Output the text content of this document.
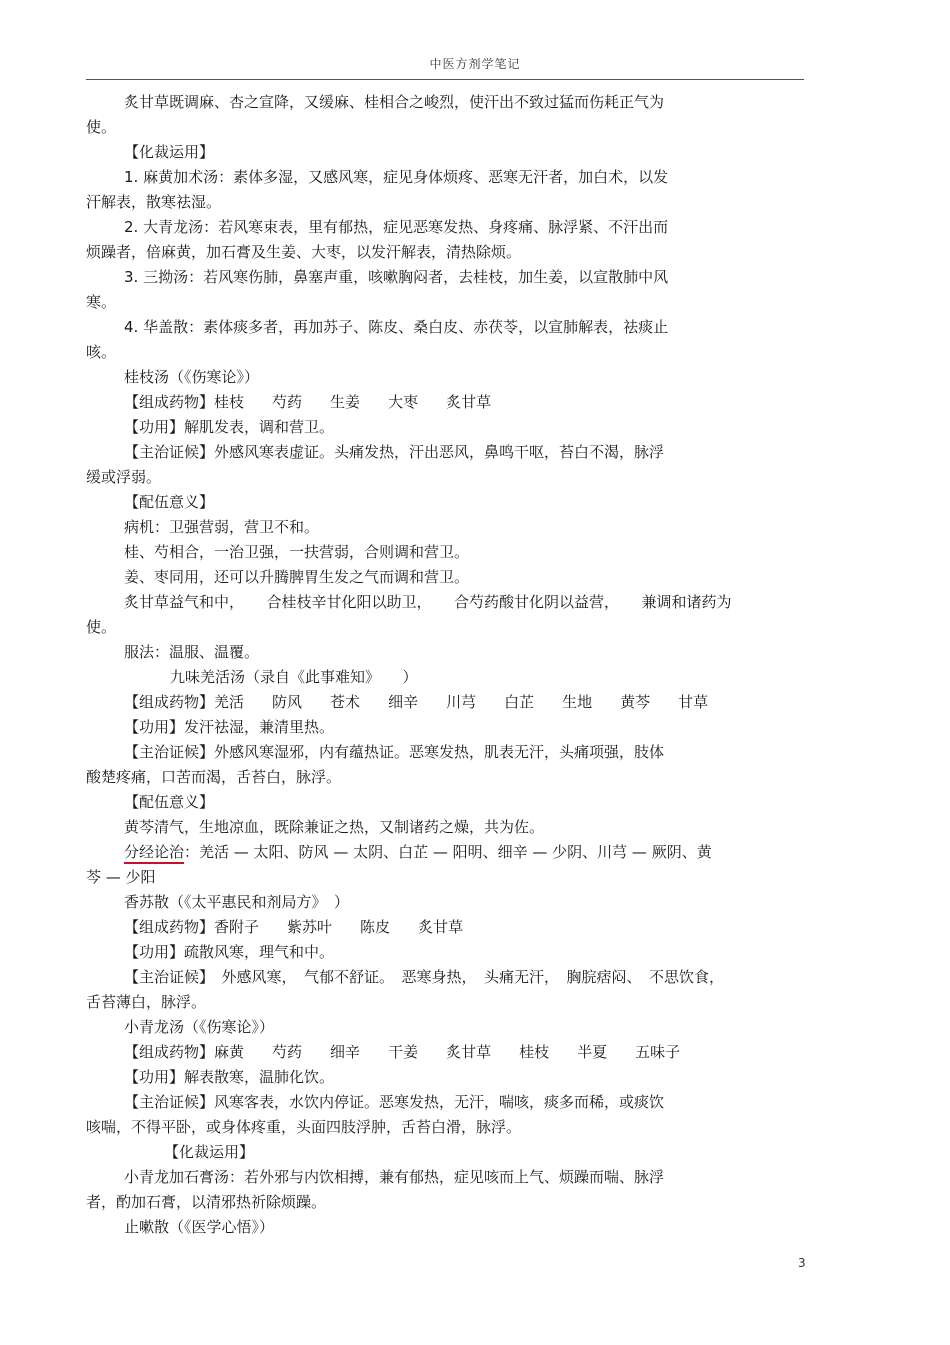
中医方剂学笔记
炙甘草既调麻、杏之宣降，又缓麻、桂相合之峻烈，使汗出不致过猛而伤耗正气为
使。
【化裁运用】
1. 麻黄加术汤：素体多湿，又感风寒，症见身体烦疼、恶寒无汗者，加白术，以发
汗解表，散寒祛湿。
2. 大青龙汤：若风寒束表，里有郁热，症见恶寒发热、身疼痛、脉浮紧、不汗出而
烦躁者，倍麻黄，加石膏及生姜、大枣，以发汗解表，清热除烦。
3. 三拗汤：若风寒伤肺，鼻塞声重，咳嗽胸闷者，去桂枝，加生姜，以宣散肺中风
寒。
4. 华盖散：素体痰多者，再加苏子、陈皮、桑白皮、赤茯苓，以宣肺解表，祛痰止
咳。
桂枝汤（《伤寒论》）
【组成药物】桂枝 芍药 生姜 大枣 炙甘草
【功用】解肌发表，调和营卫。
【主治证候】外感风寒表虚证。头痛发热，汗出恶风，鼻鸣干呕，苔白不渴，脉浮
缓或浮弱。
【配伍意义】
病机：卫强营弱，营卫不和。
桂、芍相合，一治卫强，一扶营弱，合则调和营卫。
姜、枣同用，还可以升腾脾胃生发之气而调和营卫。
炙甘草益气和中，　　合桂枝辛甘化阳以助卫，　　合芍药酸甘化阴以益营，　　兼调和诸药为
使。
服法：温服、温覆。
九味羌活汤（录自《此事难知》　　）
【组成药物】羌活 防风 苍术 细辛 川芎 白芷 生地 黄芩 甘草
【功用】发汗祛湿，兼清里热。
【主治证候】外感风寒湿邪，内有蕴热证。恶寒发热，肌表无汗，头痛项强，肢体
酸楚疼痛，口苦而渴，舌苔白，脉浮。
【配伍意义】
黄芩清气，生地凉血，既除兼证之热，又制诸药之燥，共为佐。
分经论治：羌活 — 太阳、防风 — 太阴、白芷 — 阳明、细辛 — 少阴、川芎 — 厥阴、黄
芩 — 少阳
香苏散（《太平惠民和剂局方》　）
【组成药物】香附子 紫苏叶 陈皮 炙甘草
【功用】疏散风寒，理气和中。
【主治证候】　外感风寒，　气郁不舒证。　恶寒身热，　头痛无汗，　胸脘痞闷、　不思饮食，
舌苔薄白，脉浮。
小青龙汤（《伤寒论》）
【组成药物】麻黄 芍药 细辛 干姜 炙甘草 桂枝 半夏 五味子
【功用】解表散寒，温肺化饮。
【主治证候】风寒客表，水饮内停证。恶寒发热，无汗，喘咳，痰多而稀，或痰饮
咳喘，不得平卧，或身体疼重，头面四肢浮肿，舌苔白滑，脉浮。
【化裁运用】
小青龙加石膏汤：若外邪与内饮相搏，兼有郁热，症见咳而上气、烦躁而喘、脉浮
者，酌加石膏，以清邪热祈除烦躁。
止嗽散（《医学心悟》）
3
